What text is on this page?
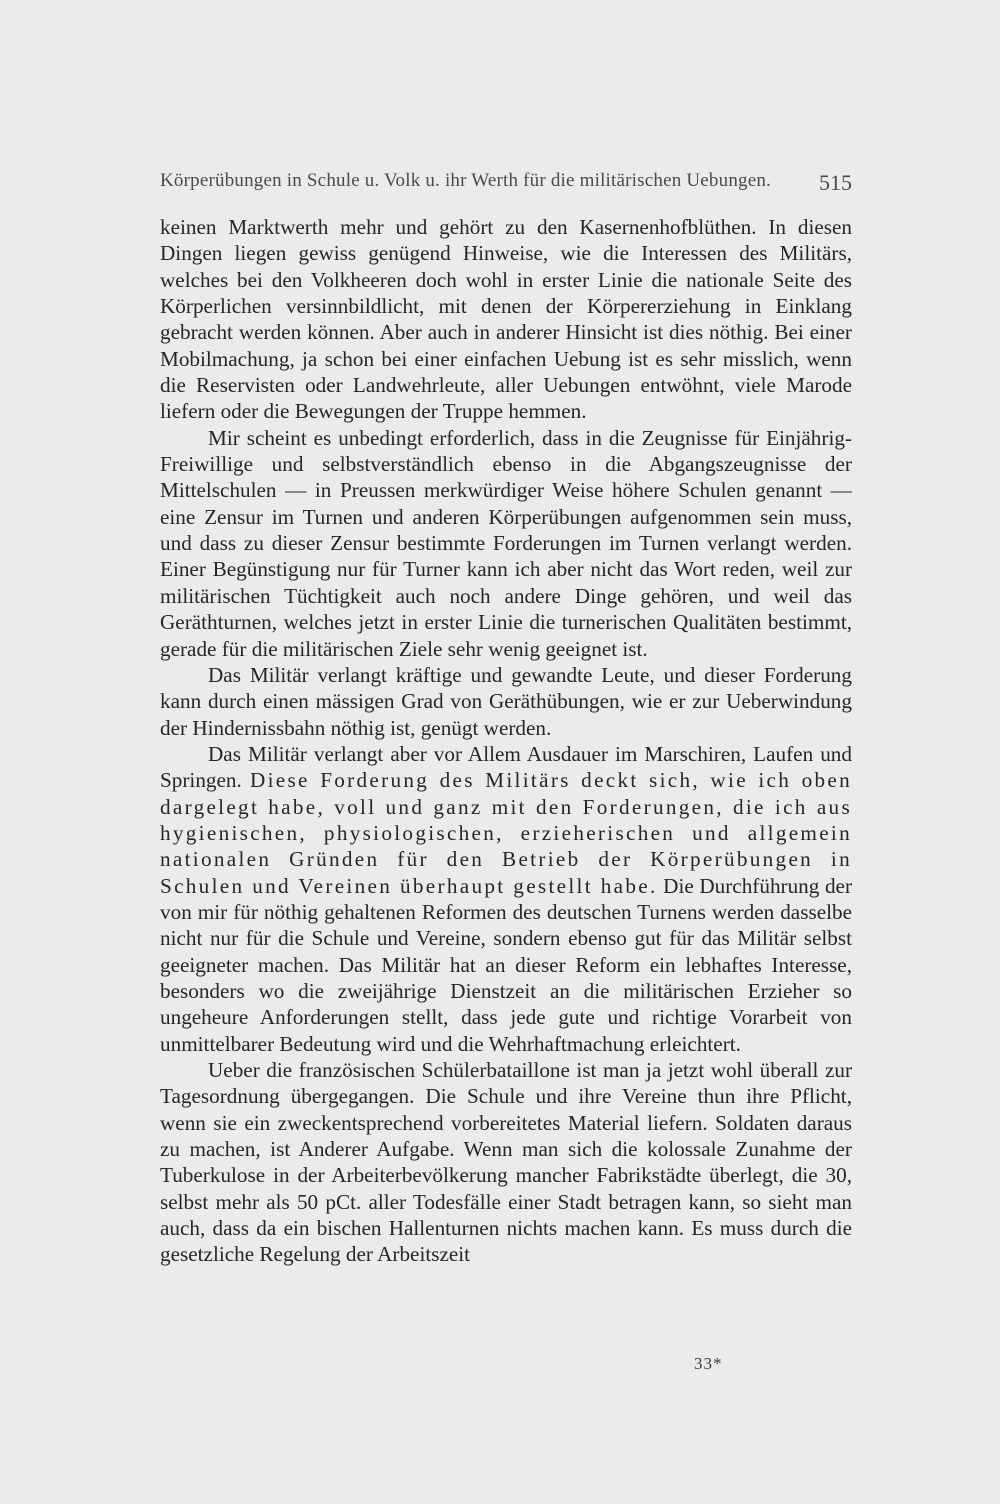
Körperübungen in Schule u. Volk u. ihr Werth für die militärischen Uebungen. 515

keinen Marktwerth mehr und gehört zu den Kasernenhofblüthen. In diesen Dingen liegen gewiss genügend Hinweise, wie die Interessen des Militärs, welches bei den Volkheeren doch wohl in erster Linie die nationale Seite des Körperlichen versinnbildlicht, mit denen der Körpererziehung in Einklang gebracht werden können. Aber auch in anderer Hinsicht ist dies nöthig. Bei einer Mobilmachung, ja schon bei einer einfachen Uebung ist es sehr misslich, wenn die Reservisten oder Landwehrleute, aller Uebungen entwöhnt, viele Marode liefern oder die Bewegungen der Truppe hemmen.

Mir scheint es unbedingt erforderlich, dass in die Zeugnisse für Einjährig-Freiwillige und selbstverständlich ebenso in die Abgangszeugnisse der Mittelschulen — in Preussen merkwürdiger Weise höhere Schulen genannt — eine Zensur im Turnen und anderen Körperübungen aufgenommen sein muss, und dass zu dieser Zensur bestimmte Forderungen im Turnen verlangt werden. Einer Begünstigung nur für Turner kann ich aber nicht das Wort reden, weil zur militärischen Tüchtigkeit auch noch andere Dinge gehören, und weil das Geräthturnen, welches jetzt in erster Linie die turnerischen Qualitäten bestimmt, gerade für die militärischen Ziele sehr wenig geeignet ist.

Das Militär verlangt kräftige und gewandte Leute, und dieser Forderung kann durch einen mässigen Grad von Geräthübungen, wie er zur Ueberwindung der Hindernissbahn nöthig ist, genügt werden.

Das Militär verlangt aber vor Allem Ausdauer im Marschiren, Laufen und Springen. Diese Forderung des Militärs deckt sich, wie ich oben dargelegt habe, voll und ganz mit den Forderungen, die ich aus hygienischen, physiologischen, erzieherischen und allgemein nationalen Gründen für den Betrieb der Körperübungen in Schulen und Vereinen überhaupt gestellt habe. Die Durchführung der von mir für nöthig gehaltenen Reformen des deutschen Turnens werden dasselbe nicht nur für die Schule und Vereine, sondern ebenso gut für das Militär selbst geeigneter machen. Das Militär hat an dieser Reform ein lebhaftes Interesse, besonders wo die zweijährige Dienstzeit an die militärischen Erzieher so ungeheure Anforderungen stellt, dass jede gute und richtige Vorarbeit von unmittelbarer Bedeutung wird und die Wehrhaftmachung erleichtert.

Ueber die französischen Schülerbataillone ist man ja jetzt wohl überall zur Tagesordnung übergegangen. Die Schule und ihre Vereine thun ihre Pflicht, wenn sie ein zweckentsprechend vorbereitetes Material liefern. Soldaten daraus zu machen, ist Anderer Aufgabe. Wenn man sich die kolossale Zunahme der Tuberkulose in der Arbeiterbevölkerung mancher Fabrikstädte überlegt, die 30, selbst mehr als 50 pCt. aller Todesfälle einer Stadt betragen kann, so sieht man auch, dass da ein bischen Hallenturnen nichts machen kann. Es muss durch die gesetzliche Regelung der Arbeitszeit

33*
